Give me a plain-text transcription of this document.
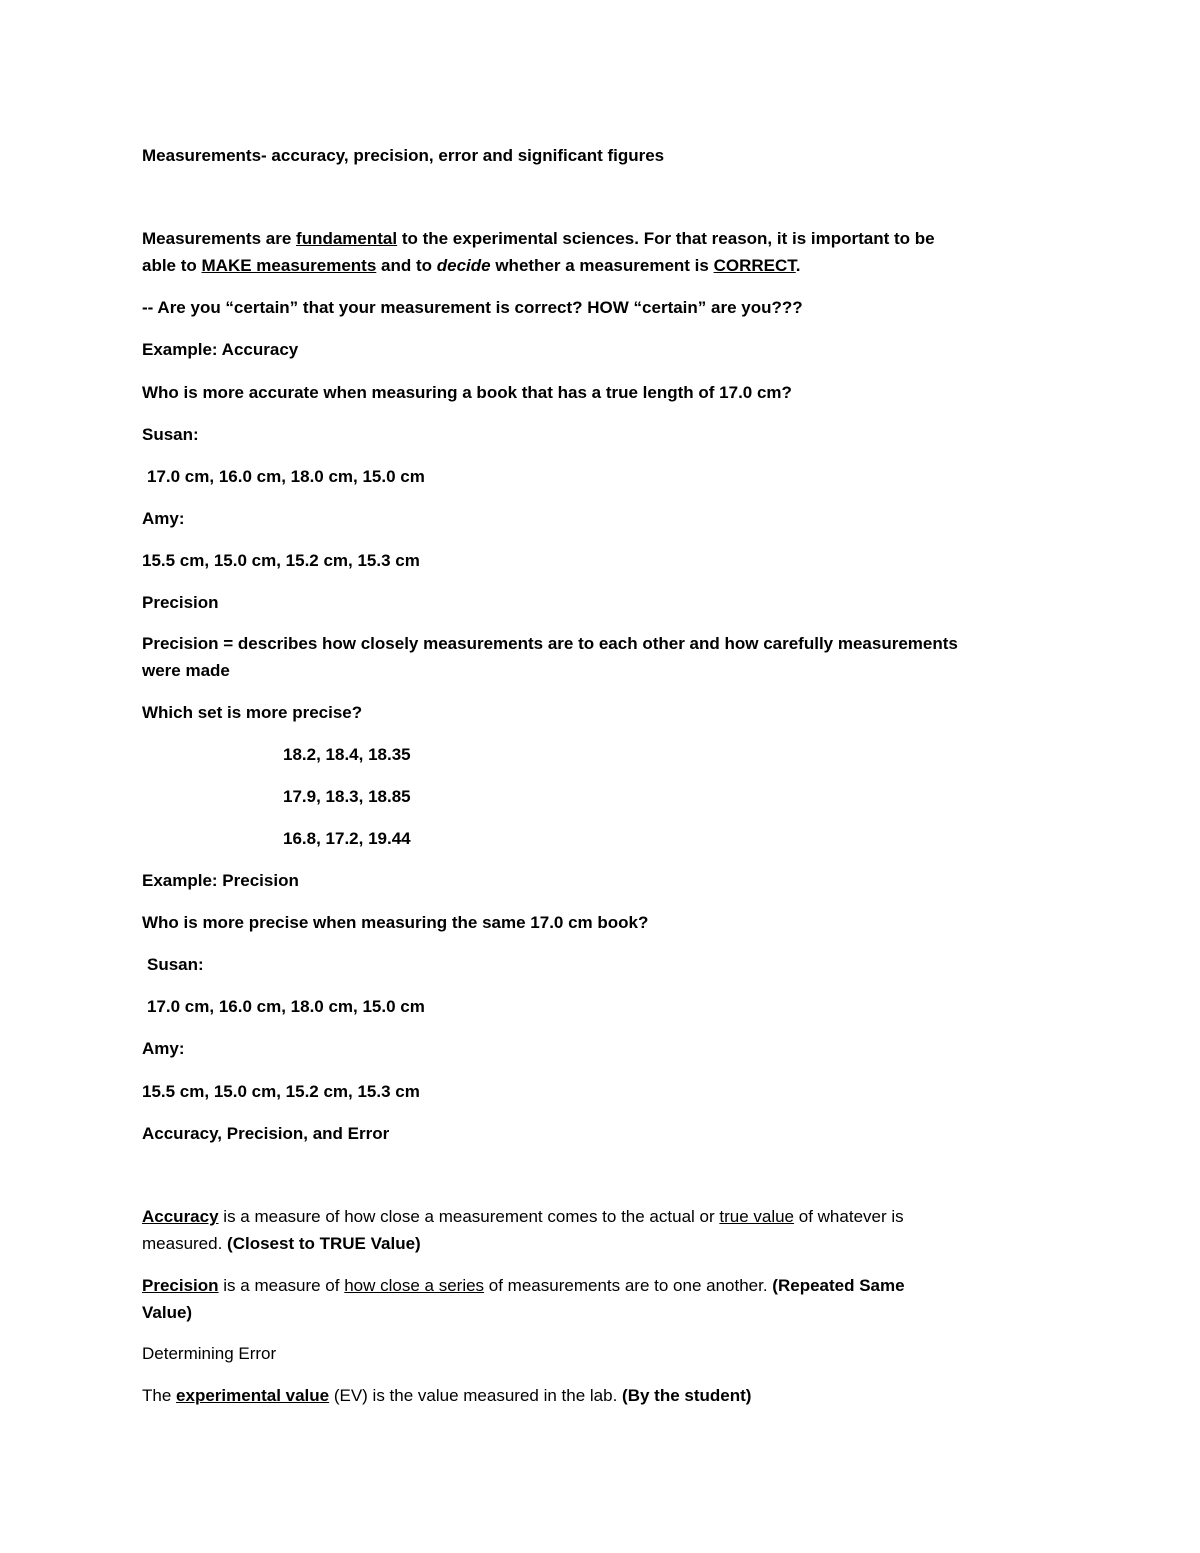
Measurements- accuracy, precision, error and significant figures

Measurements are fundamental to the experimental sciences. For that reason, it is important to be

able to MAKE measurements and to decide whether a measurement is CORRECT.

-- Are you “certain” that your measurement is correct? HOW “certain” are you???

Example: Accuracy

Who is more accurate when measuring a book that has a true length of 17.0 cm?

Susan:

17.0 cm, 16.0 cm, 18.0 cm, 15.0 cm

Amy:

15.5 cm, 15.0 cm, 15.2 cm, 15.3 cm

Precision

Precision = describes how closely measurements are to each other and how carefully measurements

were made

Which set is more precise?

18.2, 18.4, 18.35

17.9, 18.3, 18.85

16.8, 17.2, 19.44

Example: Precision

Who is more precise when measuring the same 17.0 cm book?

Susan:

17.0 cm, 16.0 cm, 18.0 cm, 15.0 cm

Amy:

15.5 cm, 15.0 cm, 15.2 cm, 15.3 cm

Accuracy, Precision, and Error

Accuracy is a measure of how close a measurement comes to the actual or true value of whatever is

measured. (Closest to TRUE Value)

Precision is a measure of how close a series of measurements are to one another. (Repeated Same

Value)

Determining Error

The experimental value (EV) is the value measured in the lab. (By the student)
